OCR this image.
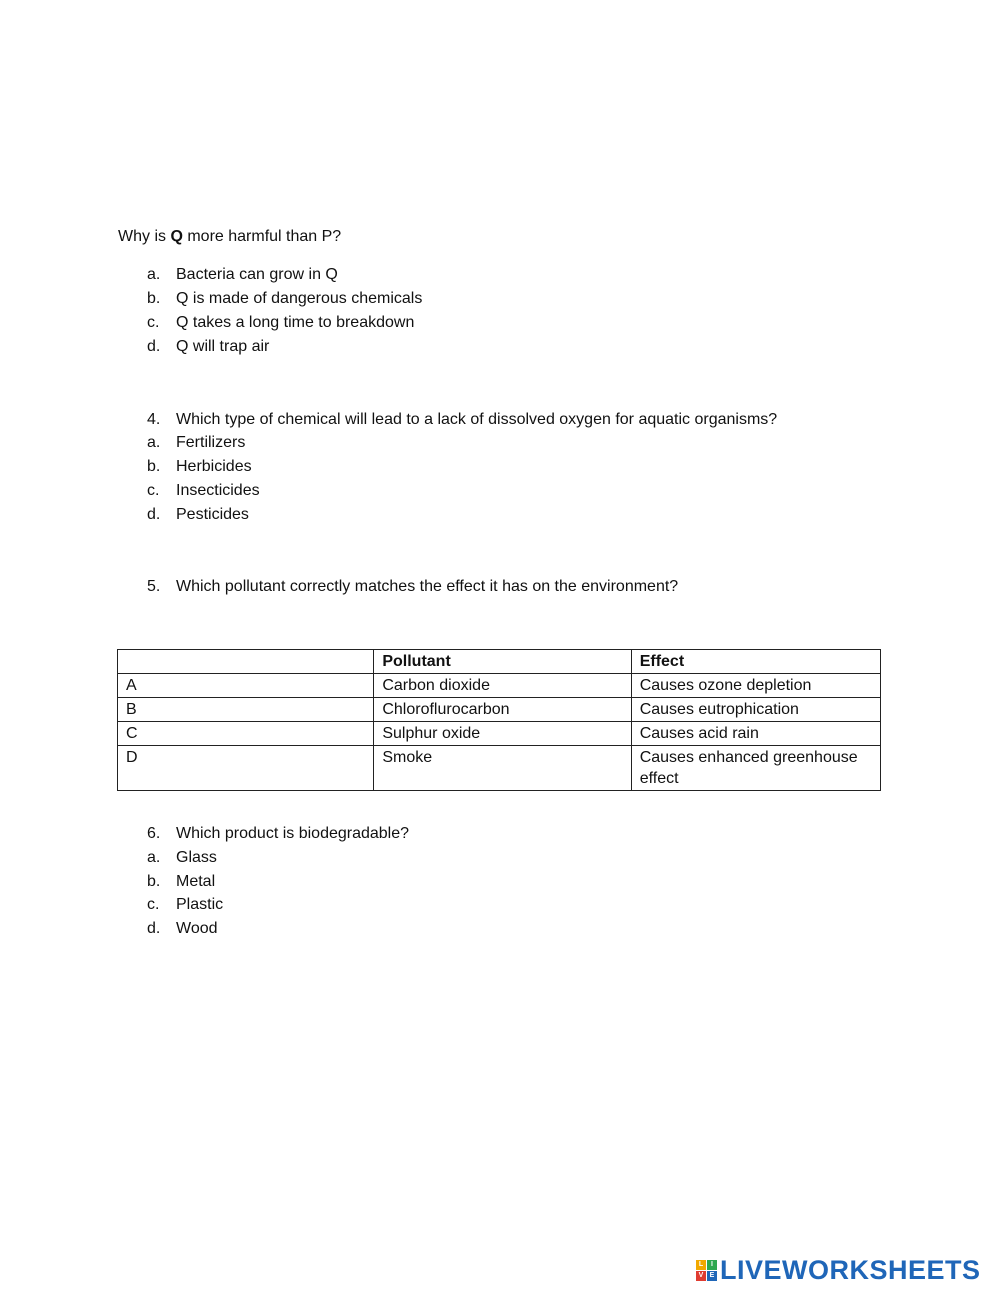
Why is Q more harmful than P?
a. Bacteria can grow in Q
b. Q is made of dangerous chemicals
c. Q takes a long time to breakdown
d. Q will trap air
4. Which type of chemical will lead to a lack of dissolved oxygen for aquatic organisms?
a. Fertilizers
b. Herbicides
c. Insecticides
d. Pesticides
5. Which pollutant correctly matches the effect it has on the environment?
	Pollutant	Effect
A	Carbon dioxide	Causes ozone depletion
B	Chloroflurocarbon	Causes eutrophication
C	Sulphur oxide	Causes acid rain
D	Smoke	Causes enhanced greenhouse effect
6. Which product is biodegradable?
a. Glass
b. Metal
c. Plastic
d. Wood
L	I
V E LIVEWORKSHEETS
